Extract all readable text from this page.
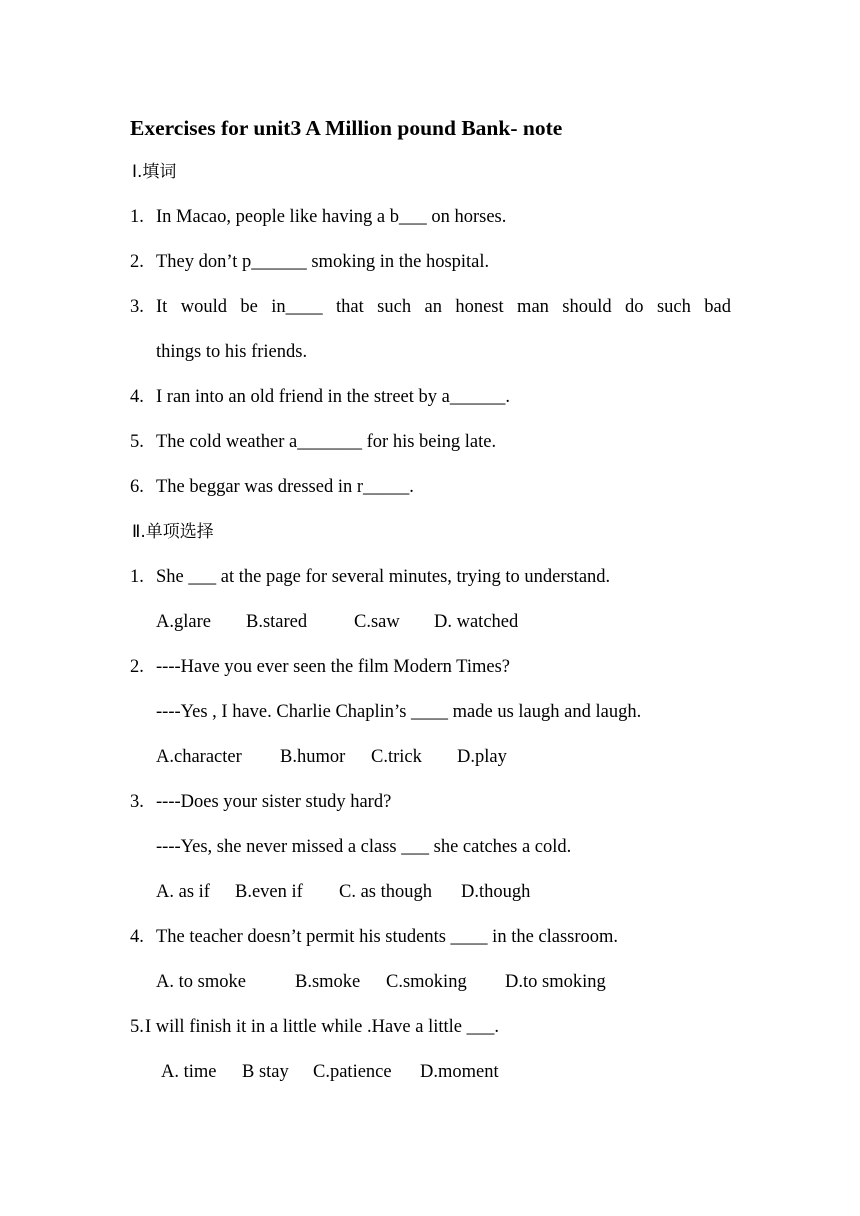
Exercises for unit3 A Million pound Bank- note
Ⅰ.填词
1. In Macao, people like having a b___ on horses.
2. They don’t p______ smoking in the hospital.
3. It would be in____ that such an honest man should do such bad
things to his friends.
4. I ran into an old friend in the street by a______.
5. The cold weather a_______ for his being late.
6. The beggar was dressed in r_____.
Ⅱ.单项选择
1. She ___ at the page for several minutes, trying to understand.
A.glare B.stared	C.saw D. watched
2. ----Have you ever seen the film Modern Times?
----Yes , I have. Charlie Chaplin’s ____ made us laugh and laugh.
A.character B.humor C.trick D.play
3. ----Does your sister study hard?
----Yes, she never missed a class ___ she catches a cold.
A. as if B.even if C. as though D.though
4. The teacher doesn’t permit his students ____ in the classroom.
A. to smoke	B.smoke C.smoking D.to smoking
5. I will finish it in a little while .Have a little ___.
A. time B stay C.patience D.moment
